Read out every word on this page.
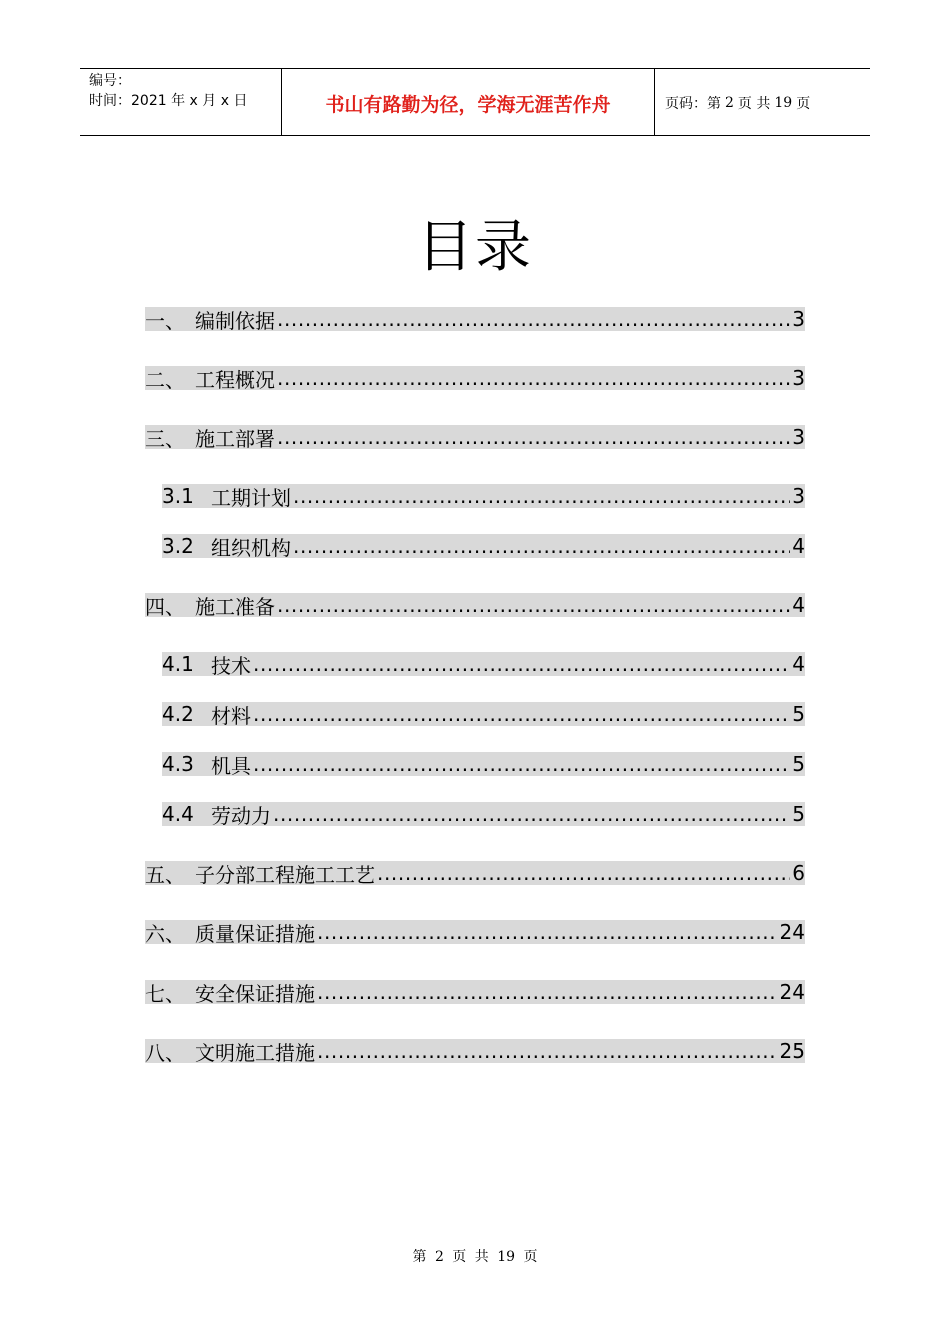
编号：
时间：2021 年 x 月 x 日	书山有路勤为径，学海无涯苦作舟	页码：第 2 页 共 19 页
目录
一、 编制依据 .....	3
二、 工程概况 .....	3
三、 施工部署 .....	3
3.1 工期计划 .....	3
3.2 组织机构 .....	4
四、 施工准备 .....	4
4.1 技术 .....	4
4.2 材料 .....	5
4.3 机具 .....	5
4.4 劳动力 .....	5
五、 子分部工程施工工艺 .....	6
六、 质量保证措施 .....	24
七、 安全保证措施 .....	24
八、 文明施工措施 .....	25
第 2 页 共 19 页
